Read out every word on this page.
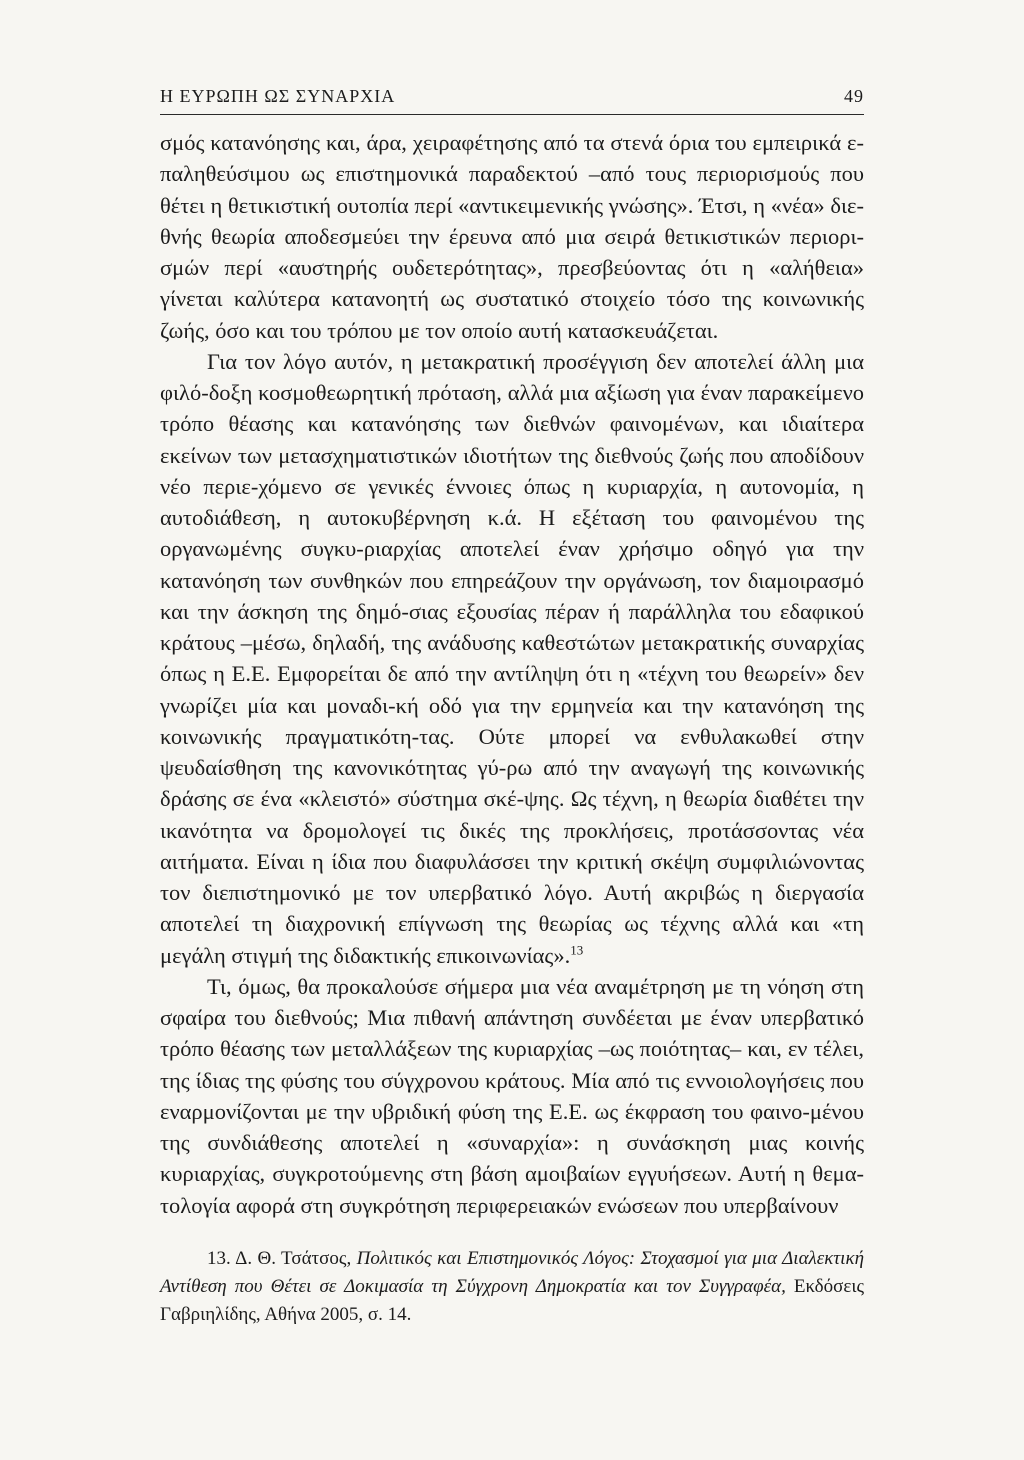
Η ΕΥΡΩΠΗ ΩΣ ΣΥΝΑΡΧΙΑ	49

σμός κατανόησης και, άρα, χειραφέτησης από τα στενά όρια του εμπειρικά ε-παληθεύσιμου ως επιστημονικά παραδεκτού –από τους περιορισμούς που θέτει η θετικιστική ουτοπία περί «αντικειμενικής γνώσης». Έτσι, η «νέα» διε-θνής θεωρία αποδεσμεύει την έρευνα από μια σειρά θετικιστικών περιορι-σμών περί «αυστηρής ουδετερότητας», πρεσβεύοντας ότι η «αλήθεια» γίνεται καλύτερα κατανοητή ως συστατικό στοιχείο τόσο της κοινωνικής ζωής, όσο και του τρόπου με τον οποίο αυτή κατασκευάζεται.

Για τον λόγο αυτόν, η μετακρατική προσέγγιση δεν αποτελεί άλλη μια φιλό-δοξη κοσμοθεωρητική πρόταση, αλλά μια αξίωση για έναν παρακείμενο τρόπο θέασης και κατανόησης των διεθνών φαινομένων, και ιδιαίτερα εκείνων των μετασχηματιστικών ιδιοτήτων της διεθνούς ζωής που αποδίδουν νέο περιε-χόμενο σε γενικές έννοιες όπως η κυριαρχία, η αυτονομία, η αυτοδιάθεση, η αυτοκυβέρνηση κ.ά. Η εξέταση του φαινομένου της οργανωμένης συγκυ-ριαρχίας αποτελεί έναν χρήσιμο οδηγό για την κατανόηση των συνθηκών που επηρεάζουν την οργάνωση, τον διαμοιρασμό και την άσκηση της δημό-σιας εξουσίας πέραν ή παράλληλα του εδαφικού κράτους –μέσω, δηλαδή, της ανάδυσης καθεστώτων μετακρατικής συναρχίας όπως η Ε.Ε. Εμφορείται δε από την αντίληψη ότι η «τέχνη του θεωρείν» δεν γνωρίζει μία και μοναδι-κή οδό για την ερμηνεία και την κατανόηση της κοινωνικής πραγματικότη-τας. Ούτε μπορεί να ενθυλακωθεί στην ψευδαίσθηση της κανονικότητας γύ-ρω από την αναγωγή της κοινωνικής δράσης σε ένα «κλειστό» σύστημα σκέ-ψης. Ως τέχνη, η θεωρία διαθέτει την ικανότητα να δρομολογεί τις δικές της προκλήσεις, προτάσσοντας νέα αιτήματα. Είναι η ίδια που διαφυλάσσει την κριτική σκέψη συμφιλιώνοντας τον διεπιστημονικό με τον υπερβατικό λόγο. Αυτή ακριβώς η διεργασία αποτελεί τη διαχρονική επίγνωση της θεωρίας ως τέχνης αλλά και «τη μεγάλη στιγμή της διδακτικής επικοινωνίας».$^{13}$

Τι, όμως, θα προκαλούσε σήμερα μια νέα αναμέτρηση με τη νόηση στη σφαίρα του διεθνούς; Μια πιθανή απάντηση συνδέεται με έναν υπερβατικό τρόπο θέασης των μεταλλάξεων της κυριαρχίας –ως ποιότητας– και, εν τέλει, της ίδιας της φύσης του σύγχρονου κράτους. Μία από τις εννοιολογήσεις που εναρμονίζονται με την υβριδική φύση της Ε.Ε. ως έκφραση του φαινο-μένου της συνδιάθεσης αποτελεί η «συναρχία»: η συνάσκηση μιας κοινής κυριαρχίας, συγκροτούμενης στη βάση αμοιβαίων εγγυήσεων. Αυτή η θεμα-τολογία αφορά στη συγκρότηση περιφερειακών ενώσεων που υπερβαίνουν

13. Δ. Θ. Τσάτσος, Πολιτικός και Επιστημονικός Λόγος: Στοχασμοί για μια Διαλεκτική Αντίθεση που Θέτει σε Δοκιμασία τη Σύγχρονη Δημοκρατία και τον Συγγραφέα, Εκδόσεις Γαβριηλίδης, Αθήνα 2005, σ. 14.
